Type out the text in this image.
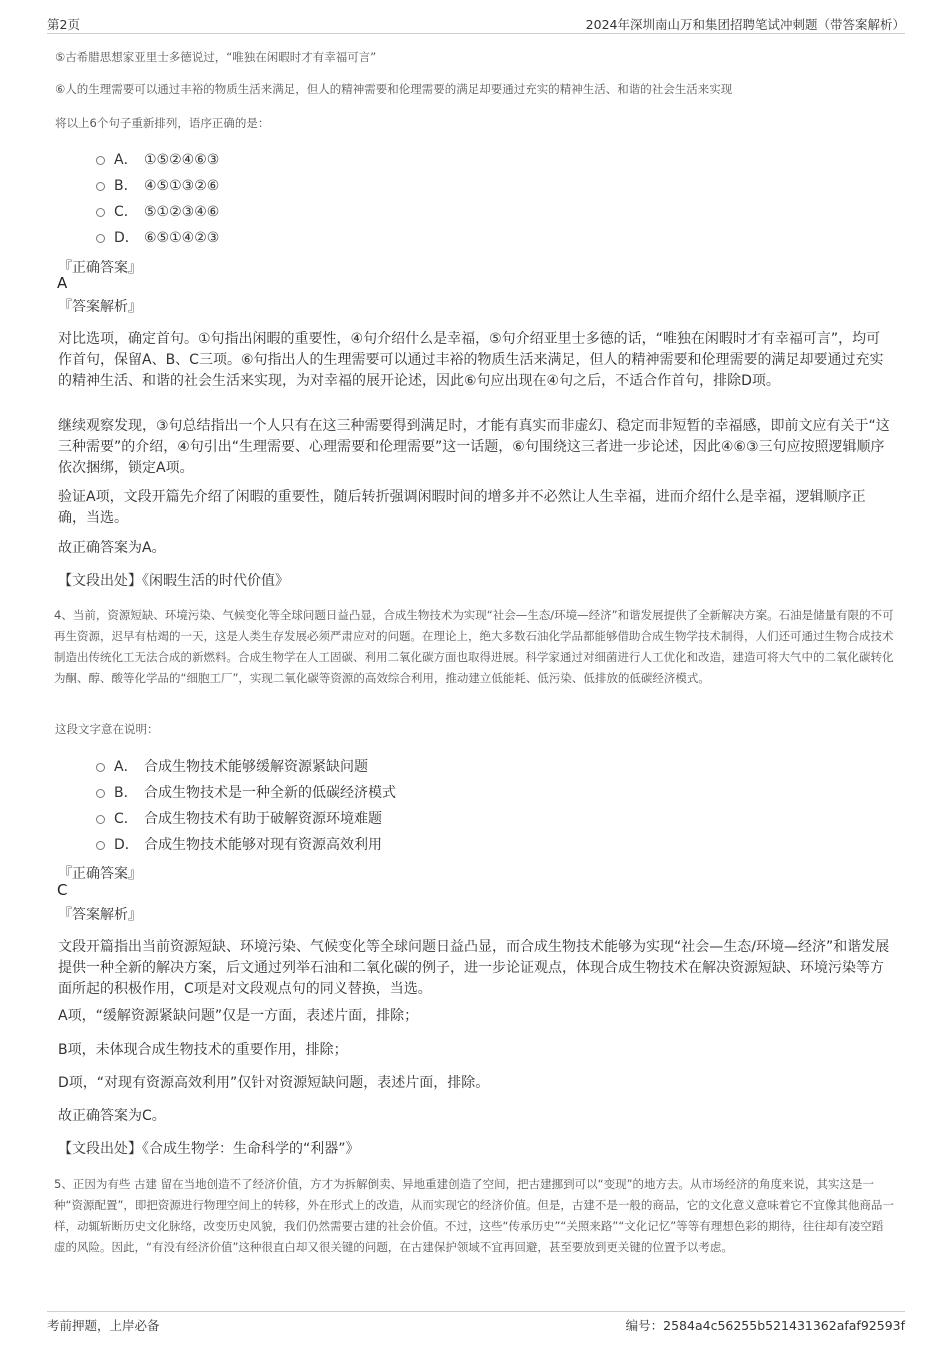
第2页	2024年深圳南山万和集团招聘笔试冲刺题（带答案解析）

⑤古希腊思想家亚里士多德说过，“唯独在闲暇时才有幸福可言”

⑥人的生理需要可以通过丰裕的物质生活来满足，但人的精神需要和伦理需要的满足却要通过充实的精神生活、和谐的社会生活来实现

将以上6个句子重新排列，语序正确的是：

A． ①⑤②④⑥③
B． ④⑤①③②⑥
C． ⑤①②③④⑥
D． ⑥⑤①④②③

『正确答案』

A

『答案解析』

对比选项，确定首句。①句指出闲暇的重要性，④句介绍什么是幸福，⑤句介绍亚里士多德的话，“唯独在闲暇时才有幸福可言”，均可作首句，保留A、B、C三项。⑥句指出人的生理需要可以通过丰裕的物质生活来满足，但人的精神需要和伦理需要的满足却要通过充实的精神生活、和谐的社会生活来实现，为对幸福的展开论述，因此⑥句应出现在④句之后，不适合作首句，排除D项。

继续观察发现，③句总结指出一个人只有在这三种需要得到满足时，才能有真实而非虚幻、稳定而非短暂的幸福感，即前文应有关于“这三种需要”的介绍，④句引出“生理需要、心理需要和伦理需要”这一话题，⑥句围绕这三者进一步论述，因此④⑥③三句应按照逻辑顺序依次捆绑，锁定A项。

验证A项，文段开篇先介绍了闲暇的重要性，随后转折强调闲暇时间的增多并不必然让人生幸福，进而介绍什么是幸福，逻辑顺序正确，当选。

故正确答案为A。

【文段出处】《闲暇生活的时代价值》

4、当前，资源短缺、环境污染、气候变化等全球问题日益凸显，合成生物技术为实现“社会—生态/环境—经济”和谐发展提供了全新解决方案。石油是储量有限的不可再生资源，迟早有枯竭的一天，这是人类生存发展必须严肃应对的问题。在理论上，绝大多数石油化学品都能够借助合成生物学技术制得，人们还可通过生物合成技术制造出传统化工无法合成的新燃料。合成生物学在人工固碳、利用二氧化碳方面也取得进展。科学家通过对细菌进行人工优化和改造，建造可将大气中的二氧化碳转化为酮、醇、酸等化学品的“细胞工厂”，实现二氧化碳等资源的高效综合利用，推动建立低能耗、低污染、低排放的低碳经济模式。

这段文字意在说明：

A． 合成生物技术能够缓解资源紧缺问题
B． 合成生物技术是一种全新的低碳经济模式
C． 合成生物技术有助于破解资源环境难题
D． 合成生物技术能够对现有资源高效利用

『正确答案』

C

『答案解析』

文段开篇指出当前资源短缺、环境污染、气候变化等全球问题日益凸显，而合成生物技术能够为实现“社会—生态/环境—经济”和谐发展提供一种全新的解决方案，后文通过列举石油和二氧化碳的例子，进一步论证观点，体现合成生物技术在解决资源短缺、环境污染等方面所起的积极作用，C项是对文段观点句的同义替换，当选。

A项，“缓解资源紧缺问题”仅是一方面，表述片面，排除；

B项，未体现合成生物技术的重要作用，排除；

D项，“对现有资源高效利用”仅针对资源短缺问题，表述片面，排除。

故正确答案为C。

【文段出处】《合成生物学：生命科学的“利器”》

5、正因为有些 古建 留在当地创造不了经济价值，方才为拆解倒卖、异地重建创造了空间，把古建挪到可以“变现”的地方去。从市场经济的角度来说，其实这是一种“资源配置”，即把资源进行物理空间上的转移，外在形式上的改造，从而实现它的经济价值。但是，古建不是一般的商品，它的文化意义意味着它不宜像其他商品一样，动辄斩断历史文化脉络，改变历史风貌，我们仍然需要古建的社会价值。不过，这些“传承历史”“关照来路”“文化记忆”等等有理想色彩的期待，往往却有凌空蹈虚的风险。因此，“有没有经济价值”这种很直白却又很关键的问题，在古建保护领域不宜再回避，甚至要放到更关键的位置予以考虑。

考前押题，上岸必备	编号：2584a4c56255b521431362afaf92593f
